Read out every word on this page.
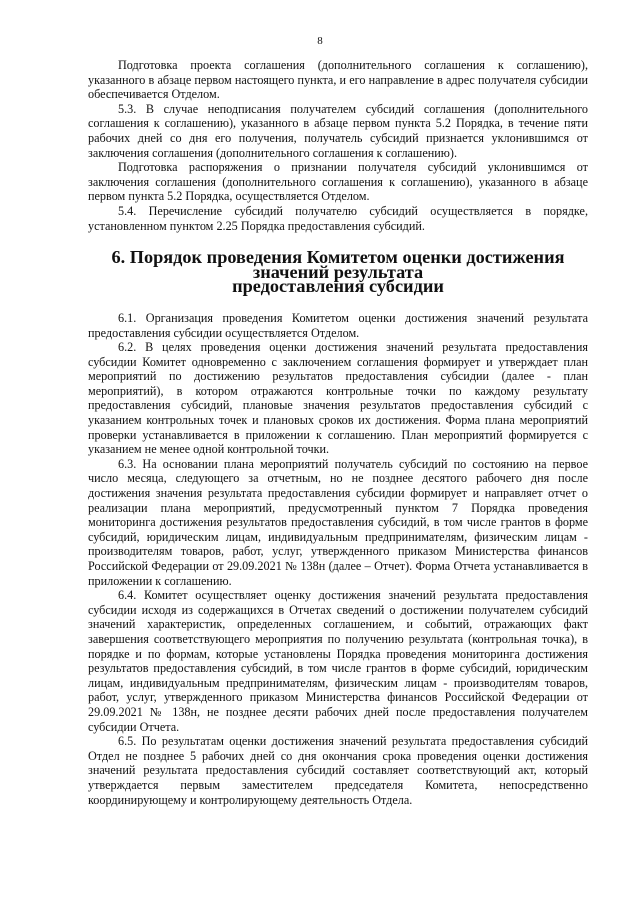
8

Подготовка проекта соглашения (дополнительного соглашения к соглашению), указанного в абзаце первом настоящего пункта, и его направление в адрес получателя субсидии обеспечивается Отделом.

5.3. В случае неподписания получателем субсидий соглашения (дополнительного соглашения к соглашению), указанного в абзаце первом пункта 5.2 Порядка, в течение пяти рабочих дней со дня его получения, получатель субсидий признается уклонившимся от заключения соглашения (дополнительного соглашения к соглашению).

Подготовка распоряжения о признании получателя субсидий уклонившимся от заключения соглашения (дополнительного соглашения к соглашению), указанного в абзаце первом пункта 5.2 Порядка, осуществляется Отделом.

5.4. Перечисление субсидий получателю субсидий осуществляется в порядке, установленном пунктом 2.25 Порядка предоставления субсидий.

6. Порядок проведения Комитетом оценки достижения значений результата
предоставления субсидии

6.1. Организация проведения Комитетом оценки достижения значений результата предоставления субсидии осуществляется Отделом.

6.2. В целях проведения оценки достижения значений результата предоставления субсидии Комитет одновременно с заключением соглашения формирует и утверждает план мероприятий по достижению результатов предоставления субсидии (далее - план мероприятий), в котором отражаются контрольные точки по каждому результату предоставления субсидий, плановые значения результатов предоставления субсидий с указанием контрольных точек и плановых сроков их достижения. Форма плана мероприятий проверки устанавливается в приложении к соглашению. План мероприятий формируется с указанием не менее одной контрольной точки.

6.3. На основании плана мероприятий получатель субсидий по состоянию на первое число месяца, следующего за отчетным, но не позднее десятого рабочего дня после достижения значения результата предоставления субсидии формирует и направляет отчет о реализации плана мероприятий, предусмотренный пунктом 7 Порядка проведения мониторинга достижения результатов предоставления субсидий, в том числе грантов в форме субсидий, юридическим лицам, индивидуальным предпринимателям, физическим лицам - производителям товаров, работ, услуг, утвержденного приказом Министерства финансов Российской Федерации от 29.09.2021 № 138н (далее – Отчет). Форма Отчета устанавливается в приложении к соглашению.

6.4. Комитет осуществляет оценку достижения значений результата предоставления субсидии исходя из содержащихся в Отчетах сведений о достижении получателем субсидий значений характеристик, определенных соглашением, и событий, отражающих факт завершения соответствующего мероприятия по получению результата (контрольная точка), в порядке и по формам, которые установлены Порядка проведения мониторинга достижения результатов предоставления субсидий, в том числе грантов в форме субсидий, юридическим лицам, индивидуальным предпринимателям, физическим лицам - производителям товаров, работ, услуг, утвержденного приказом Министерства финансов Российской Федерации от 29.09.2021 № 138н, не позднее десяти рабочих дней после предоставления получателем субсидии Отчета.

6.5. По результатам оценки достижения значений результата предоставления субсидий Отдел не позднее 5 рабочих дней со дня окончания срока проведения оценки достижения значений результата предоставления субсидий составляет соответствующий акт, который утверждается первым заместителем председателя Комитета, непосредственно координирующему и контролирующему деятельность Отдела.
